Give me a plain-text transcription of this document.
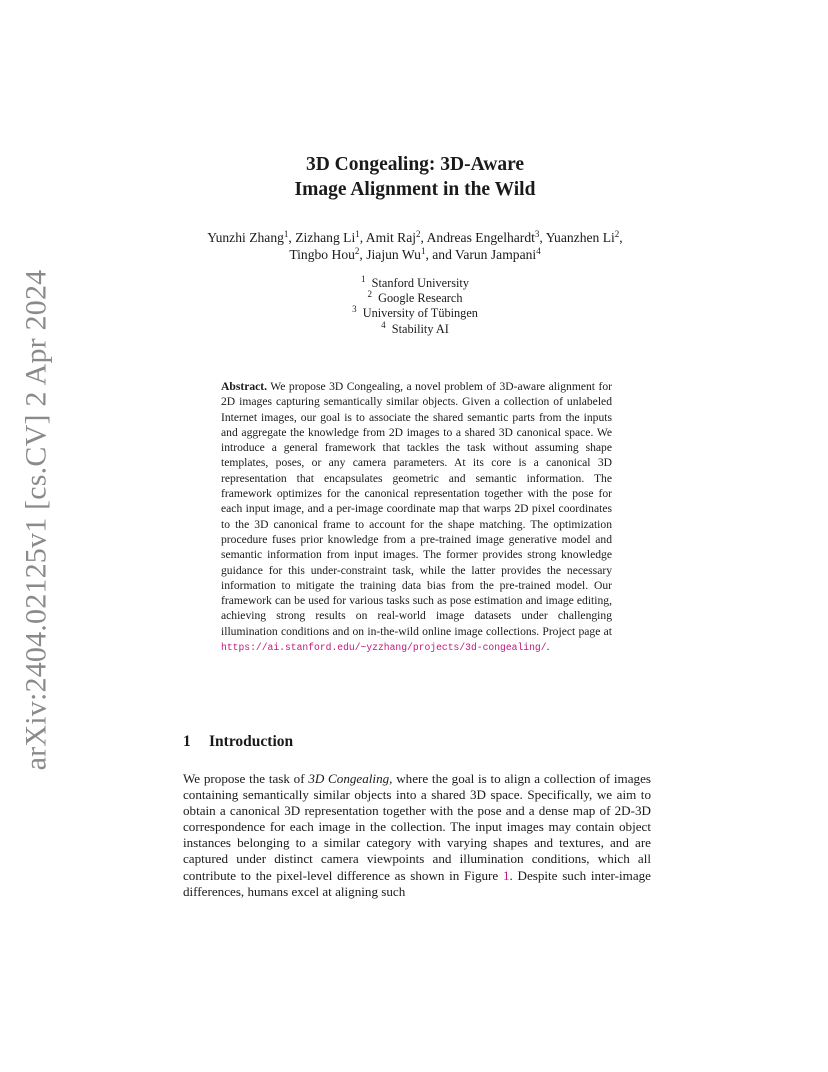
arXiv:2404.02125v1 [cs.CV] 2 Apr 2024
3D Congealing: 3D-Aware
Image Alignment in the Wild
Yunzhi Zhang$^1$, Zizhang Li$^1$, Amit Raj$^2$, Andreas Engelhardt$^3$, Yuanzhen Li$^2$,
Tingbo Hou$^2$, Jiajun Wu$^1$, and Varun Jampani$^4$
$^1$ Stanford University
$^2$ Google Research
$^3$ University of Tübingen
$^4$ Stability AI
Abstract. We propose 3D Congealing, a novel problem of 3D-aware alignment for 2D images capturing semantically similar objects. Given a collection of unlabeled Internet images, our goal is to associate the shared semantic parts from the inputs and aggregate the knowledge from 2D images to a shared 3D canonical space. We introduce a general framework that tackles the task without assuming shape templates, poses, or any camera parameters. At its core is a canonical 3D representation that encapsulates geometric and semantic information. The framework optimizes for the canonical representation together with the pose for each input image, and a per-image coordinate map that warps 2D pixel coordinates to the 3D canonical frame to account for the shape matching. The optimization procedure fuses prior knowledge from a pre-trained image generative model and semantic information from input images. The former provides strong knowledge guidance for this under-constraint task, while the latter provides the necessary information to mitigate the training data bias from the pre-trained model. Our framework can be used for various tasks such as pose estimation and image editing, achieving strong results on real-world image datasets under challenging illumination conditions and on in-the-wild online image collections. Project page at https://ai.stanford.edu/~yzzhang/projects/3d-congealing/.
1 Introduction
We propose the task of 3D Congealing, where the goal is to align a collection of images containing semantically similar objects into a shared 3D space. Specifically, we aim to obtain a canonical 3D representation together with the pose and a dense map of 2D-3D correspondence for each image in the collection. The input images may contain object instances belonging to a similar category with varying shapes and textures, and are captured under distinct camera viewpoints and illumination conditions, which all contribute to the pixel-level difference as shown in Figure 1. Despite such inter-image differences, humans excel at aligning such
